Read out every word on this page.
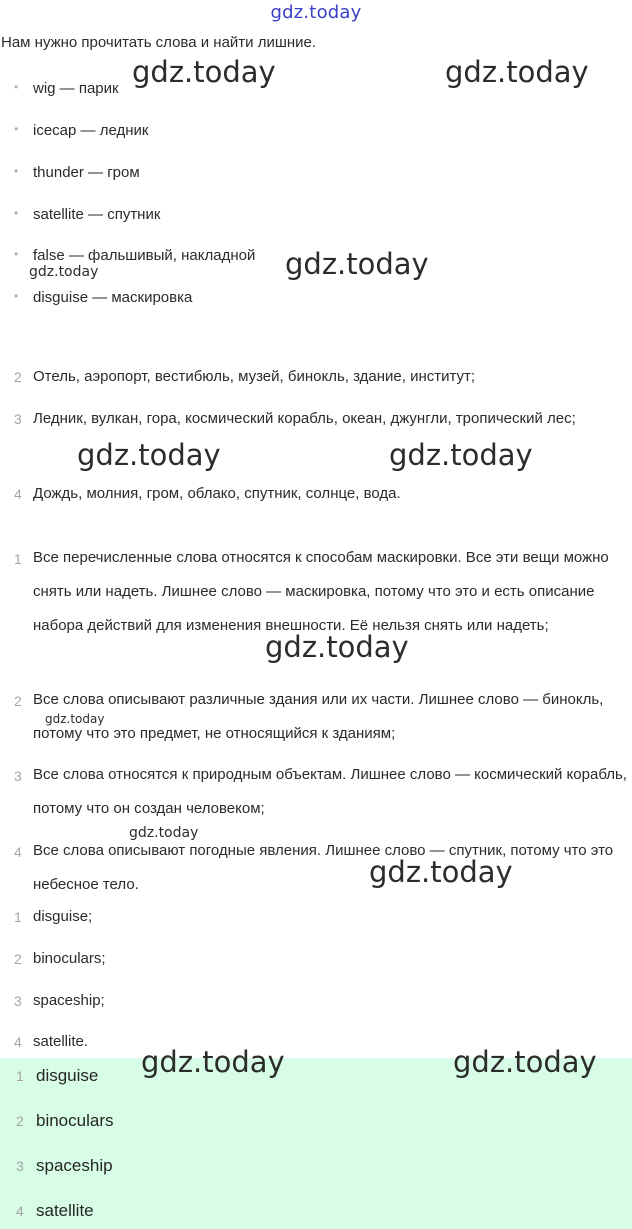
gdz.today
Нам нужно прочитать слова и найти лишние.
• wig — парик
• icecap — ледник
• thunder — гром
• satellite — спутник
• false — фальшивый, накладной
• disguise — маскировка
2 Отель, аэропорт, вестибюль, музей, бинокль, здание, институт;
3 Ледник, вулкан, гора, космический корабль, океан, джунгли, тропический лес;
4 Дождь, молния, гром, облако, спутник, солнце, вода.
1 Все перечисленные слова относятся к способам маскировки. Все эти вещи можно снять или надеть. Лишнее слово — маскировка, потому что это и есть описание набора действий для изменения внешности. Её нельзя снять или надеть;
2 Все слова описывают различные здания или их части. Лишнее слово — бинокль, потому что это предмет, не относящийся к зданиям;
3 Все слова относятся к природным объектам. Лишнее слово — космический корабль, потому что он создан человеком;
4 Все слова описывают погодные явления. Лишнее слово — спутник, потому что это небесное тело.
1 disguise;
2 binoculars;
3 spaceship;
4 satellite.
1 disguise
2 binoculars
3 spaceship
4 satellite
gdz.today	gdz.today
gdz.today
gdz.today
gdz.today	gdz.today
gdz.today
gdz.today
gdz.today
gdz.today
gdz.today	gdz.today
